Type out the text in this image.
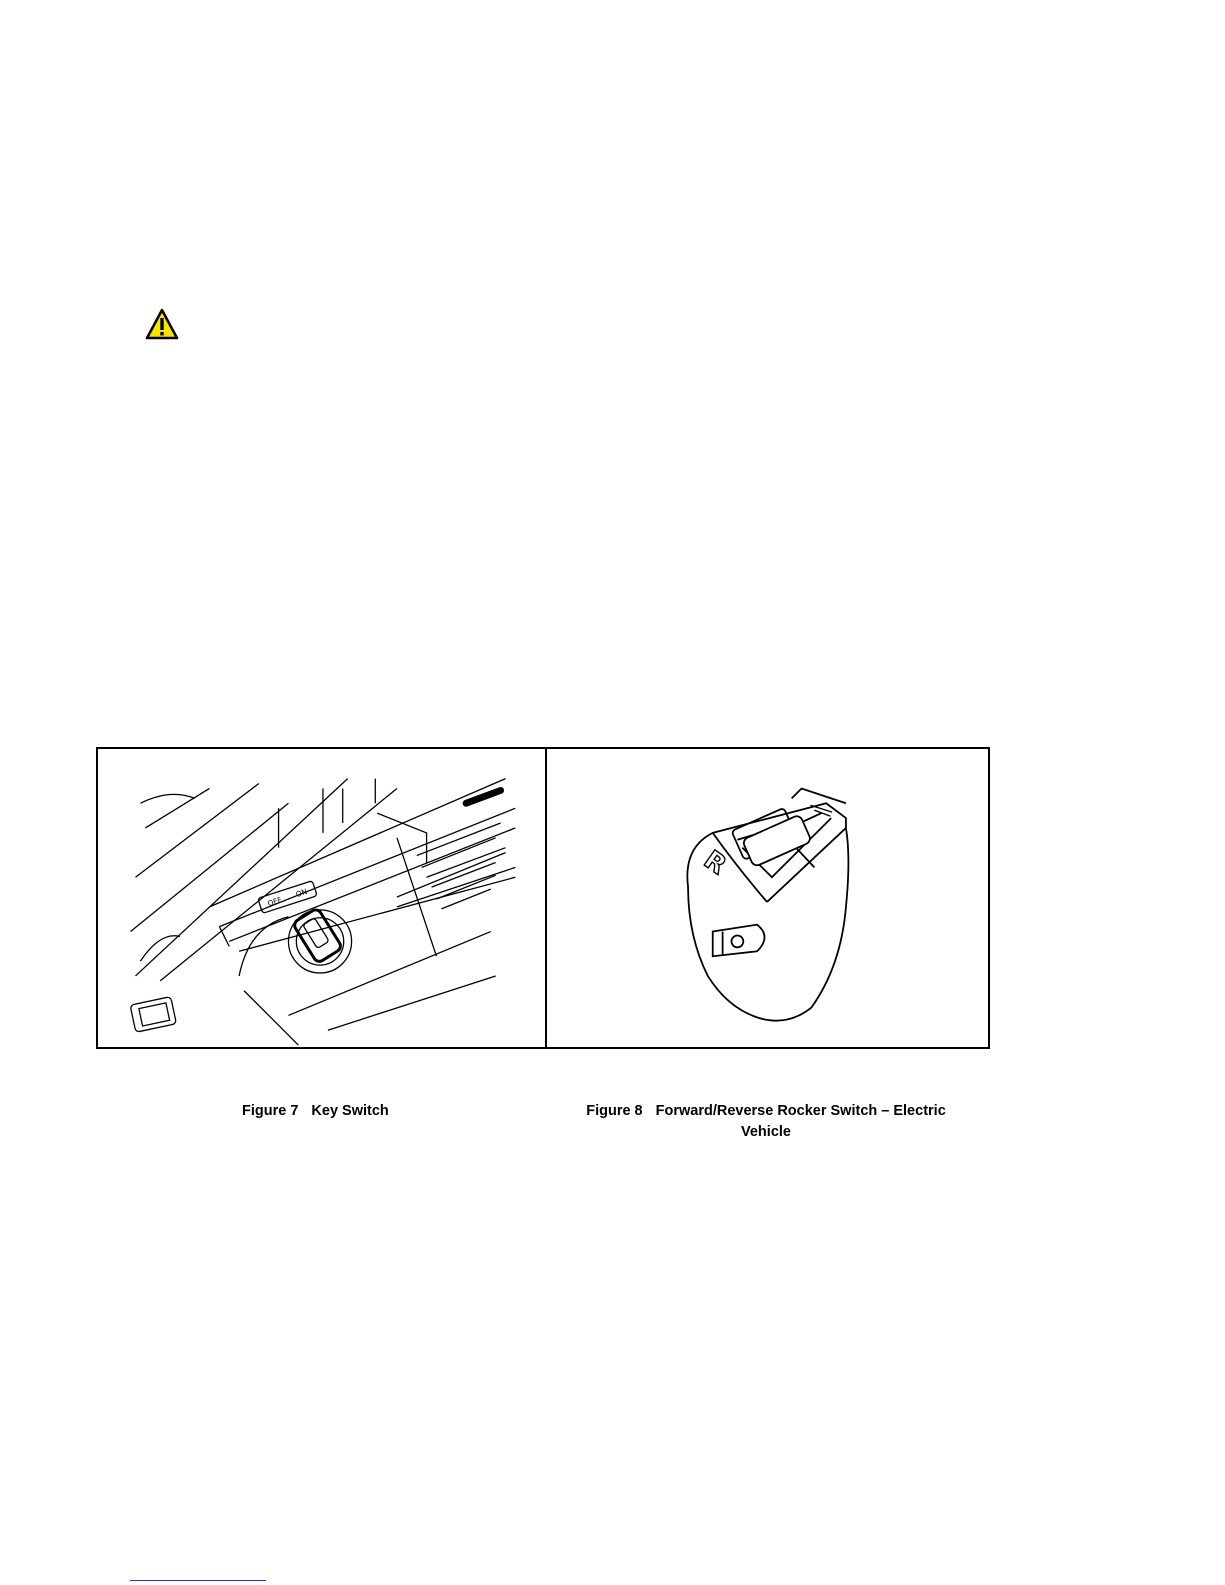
OFF
ON
R
Figure 7 Key Switch	Figure 8 Forward/Reverse Rocker Switch – Electric
Vehicle
